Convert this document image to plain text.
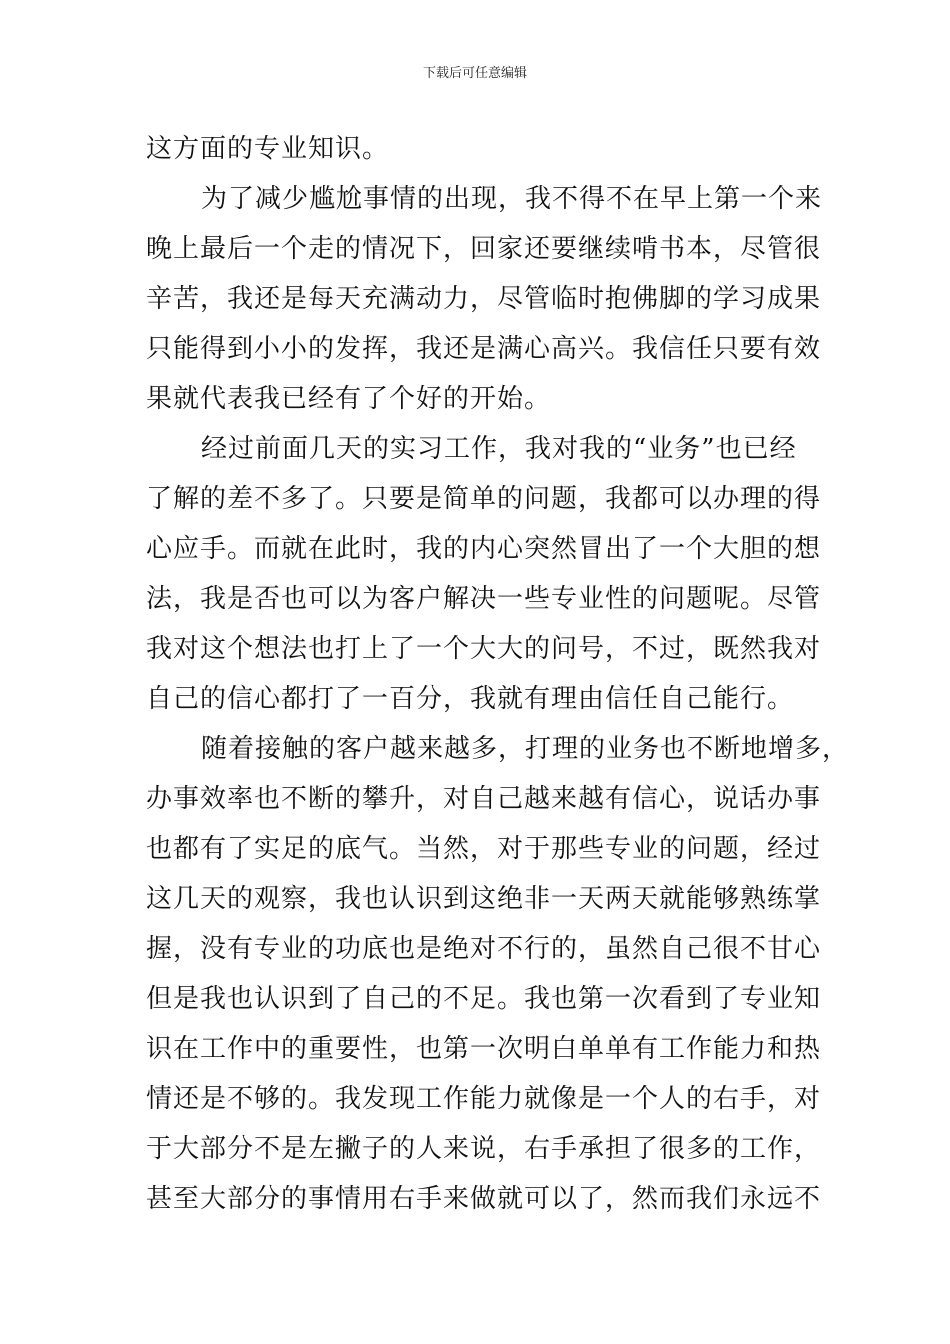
下载后可任意编辑
这方面的专业知识。
为了减少尴尬事情的出现，我不得不在早上第一个来
晚上最后一个走的情况下，回家还要继续啃书本，尽管很
辛苦，我还是每天充满动力，尽管临时抱佛脚的学习成果
只能得到小小的发挥，我还是满心高兴。我信任只要有效
果就代表我已经有了个好的开始。
经过前面几天的实习工作，我对我的“业务”也已经
了解的差不多了。只要是简单的问题，我都可以办理的得
心应手。而就在此时，我的内心突然冒出了一个大胆的想
法，我是否也可以为客户解决一些专业性的问题呢。尽管
我对这个想法也打上了一个大大的问号，不过，既然我对
自己的信心都打了一百分，我就有理由信任自己能行。
随着接触的客户越来越多，打理的业务也不断地增多，
办事效率也不断的攀升，对自己越来越有信心，说话办事
也都有了实足的底气。当然，对于那些专业的问题，经过
这几天的观察，我也认识到这绝非一天两天就能够熟练掌
握，没有专业的功底也是绝对不行的，虽然自己很不甘心
但是我也认识到了自己的不足。我也第一次看到了专业知
识在工作中的重要性，也第一次明白单单有工作能力和热
情还是不够的。我发现工作能力就像是一个人的右手，对
于大部分不是左撇子的人来说，右手承担了很多的工作，
甚至大部分的事情用右手来做就可以了，然而我们永远不
